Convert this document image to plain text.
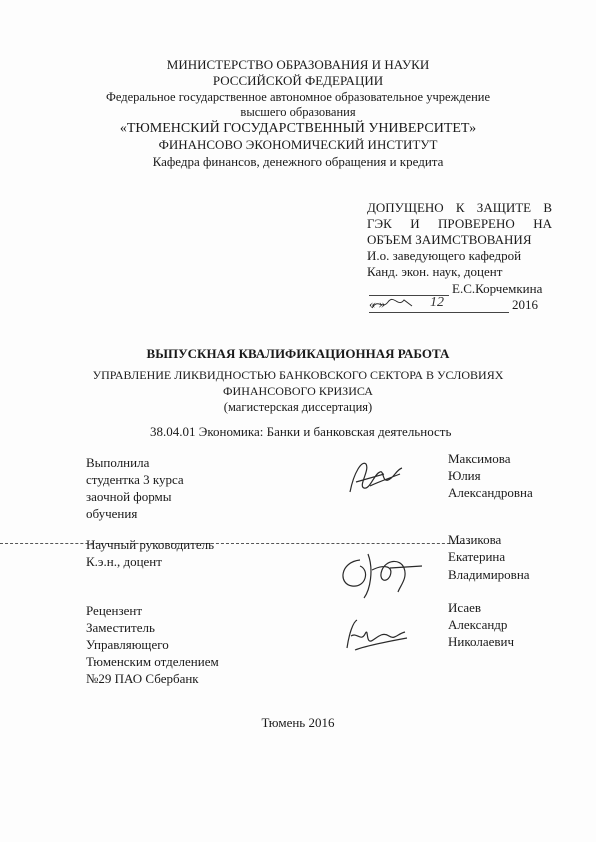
МИНИСТЕРСТВО ОБРАЗОВАНИЯ И НАУКИ
РОССИЙСКОЙ ФЕДЕРАЦИИ
Федеральное государственное автономное образовательное учреждение
высшего образования
«ТЮМЕНСКИЙ ГОСУДАРСТВЕННЫЙ УНИВЕРСИТЕТ»
ФИНАНСОВО ЭКОНОМИЧЕСКИЙ ИНСТИТУТ
Кафедра финансов, денежного обращения и кредита
ДОПУЩЕНО К ЗАЩИТЕ В
ГЭК И ПРОВЕРЕНО НА
ОБЪЕМ ЗАИМСТВОВАНИЯ
И.о. заведующего кафедрой
Канд. экон. наук, доцент
Е.С.Корчемкина
« »	12	2016
ВЫПУСКНАЯ КВАЛИФИКАЦИОННАЯ РАБОТА
УПРАВЛЕНИЕ ЛИКВИДНОСТЬЮ БАНКОВСКОГО СЕКТОРА В УСЛОВИЯХ
ФИНАНСОВОГО КРИЗИСА
(магистерская диссертация)
38.04.01 Экономика: Банки и банковская деятельность
Выполнила
студентка 3 курса
заочной формы
обучения
Максимова
Юлия
Александровна
Научный руководитель
К.э.н., доцент
Мазикова
Екатерина
Владимировна
Рецензент
Заместитель
Управляющего
Тюменским отделением
№29 ПАО Сбербанк
Исаев
Александр
Николаевич
Тюмень 2016
